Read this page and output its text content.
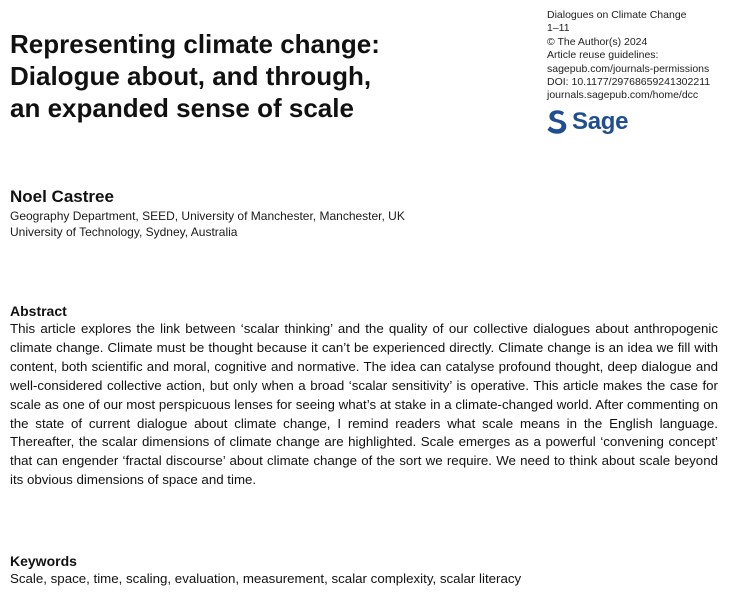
Representing climate change:
Dialogue about, and through,
an expanded sense of scale
Dialogues on Climate Change
1–11
© The Author(s) 2024
Article reuse guidelines:
sagepub.com/journals-permissions
DOI: 10.1177/29768659241302211
journals.sagepub.com/home/dcc
Sage
Noel Castree
Geography Department, SEED, University of Manchester, Manchester, UK
University of Technology, Sydney, Australia
Abstract

This article explores the link between ‘scalar thinking’ and the quality of our collective dialogues about anthropogenic climate change. Climate must be thought because it can’t be experienced directly. Climate change is an idea we fill with content, both scientific and moral, cognitive and normative. The idea can catalyse profound thought, deep dialogue and well-considered collective action, but only when a broad ‘scalar sensitivity’ is operative. This article makes the case for scale as one of our most perspicuous lenses for seeing what’s at stake in a climate-changed world. After commenting on the state of current dialogue about climate change, I remind readers what scale means in the English language. Thereafter, the scalar dimensions of climate change are highlighted. Scale emerges as a powerful ‘convening concept’ that can engender ‘fractal discourse’ about climate change of the sort we require. We need to think about scale beyond its obvious dimensions of space and time.

Keywords

Scale, space, time, scaling, evaluation, measurement, scalar complexity, scalar literacy
